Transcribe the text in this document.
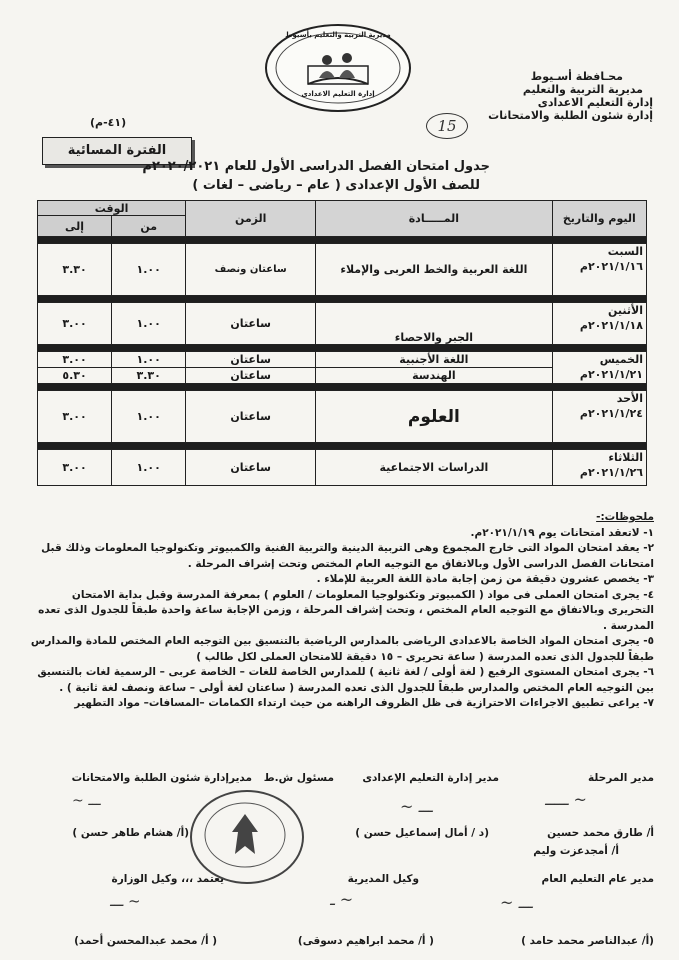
مديرية التربية والتعليم بأسيوط
إدارة التعليم الاعدادى
محـافظة أسـيوط
مديرية التربية والتعليم
إدارة التعليم الاعدادى
إدارة شئون الطلبة والامتحانات
15
(٤١-م)
الفترة المسائية
جدول امتحان الفصل الدراسى الأول للعام ٢٠٢٠/٢٠٢١م
للصف الأول الإعدادى ( عام – رياضى – لغات )
اليوم والتاريخ	المـــــادة	الزمن	الوقت	
			من	إلى

السبت
٢٠٢١/١/١٦م	اللغة العربية والخط العربى والإملاء	ساعتان ونصف	١.٠٠	٣.٣٠

الأثنين
٢٠٢١/١/١٨م	الجبر والاحصاء	ساعتان	١.٠٠	٣.٠٠

الخميس
٢٠٢١/١/٢١م	اللغة الأجنبية	ساعتان	١.٠٠	٣.٠٠
	الهندسة	ساعتان	٣.٣٠	٥.٣٠

الأحد
٢٠٢١/١/٢٤م	العلوم	ساعتان	١.٠٠	٣.٠٠

الثلاثاء
٢٠٢١/١/٢٦م	الدراسات الاجتماعية	ساعتان	١.٠٠	٣.٠٠

ملحوظات:-

١- لاتعقد امتحانات يوم ٢٠٢١/١/١٩م.

٢- يعقد امتحان المواد التى خارج المجموع وهى التربية الدينية والتربية الفنية والكمبيوتر وتكنولوجيا المعلومات وذلك قبل امتحانات الفصل الدراسى الأول وبالاتفاق مع التوجيه العام المختص وتحت إشراف المرحلة .

٣- يخصص عشرون دقيقة من زمن إجابة مادة اللغة العربية للإملاء .

٤- يجرى امتحان العملى فى مواد ( الكمبيوتر وتكنولوجيا المعلومات / العلوم ) بمعرفة المدرسة وقبل بداية الامتحان التحريرى وبالاتفاق مع التوجيه العام المختص ، وتحت إشراف المرحلة ، وزمن الإجابة ساعة واحدة طبقاً للجدول الذى تعده المدرسة .

٥- يجرى امتحان المواد الخاصة بالاعدادى الرياضى بالمدارس الرياضية بالتنسيق بين التوجيه العام المختص للمادة والمدارس طبقاً للجدول الذى تعده المدرسة ( ساعة تحريرى – ١٥ دقيقة للامتحان العملى لكل طالب )

٦- يجرى امتحان المستوى الرفيع ( لغة أولى / لغة ثانية ) للمدارس الخاصة للغات – الخاصة عربى – الرسمية لغات بالتنسيق بين التوجيه العام المختص والمدارس طبقاً للجدول الذى تعده المدرسة ( ساعتان لغة أولى – ساعة ونصف لغة ثانية ) .

٧- يراعى تطبيق الاجراءات الاحترازية فى ظل الظروف الراهنه من حيث ارتداء الكمامات –المسافات– مواد التطهير

مدير المرحلة
مدير إدارة التعليم الإعدادى
مسئول ش.ط
مديرإدارة شئون الطلبة والامتحانات
ـــــ ~
~ ـــ
~ ـــ
أ/ طارق محمد حسين
(د / أمال إسماعيل حسن )
(أ/ هشام طاهر حسن )
أ/ أمجدعزت وليم
مدير عام التعليم العام
وكيل المديرية
يعتمد ،،، وكيل الوزارة
~ ـــ
ـ ~
ـــ ~
(أ/ عبدالناصر محمد حامد )
( أ/ محمد ابراهيم دسوقى)
( أ/ محمد عبدالمحسن أحمد)
